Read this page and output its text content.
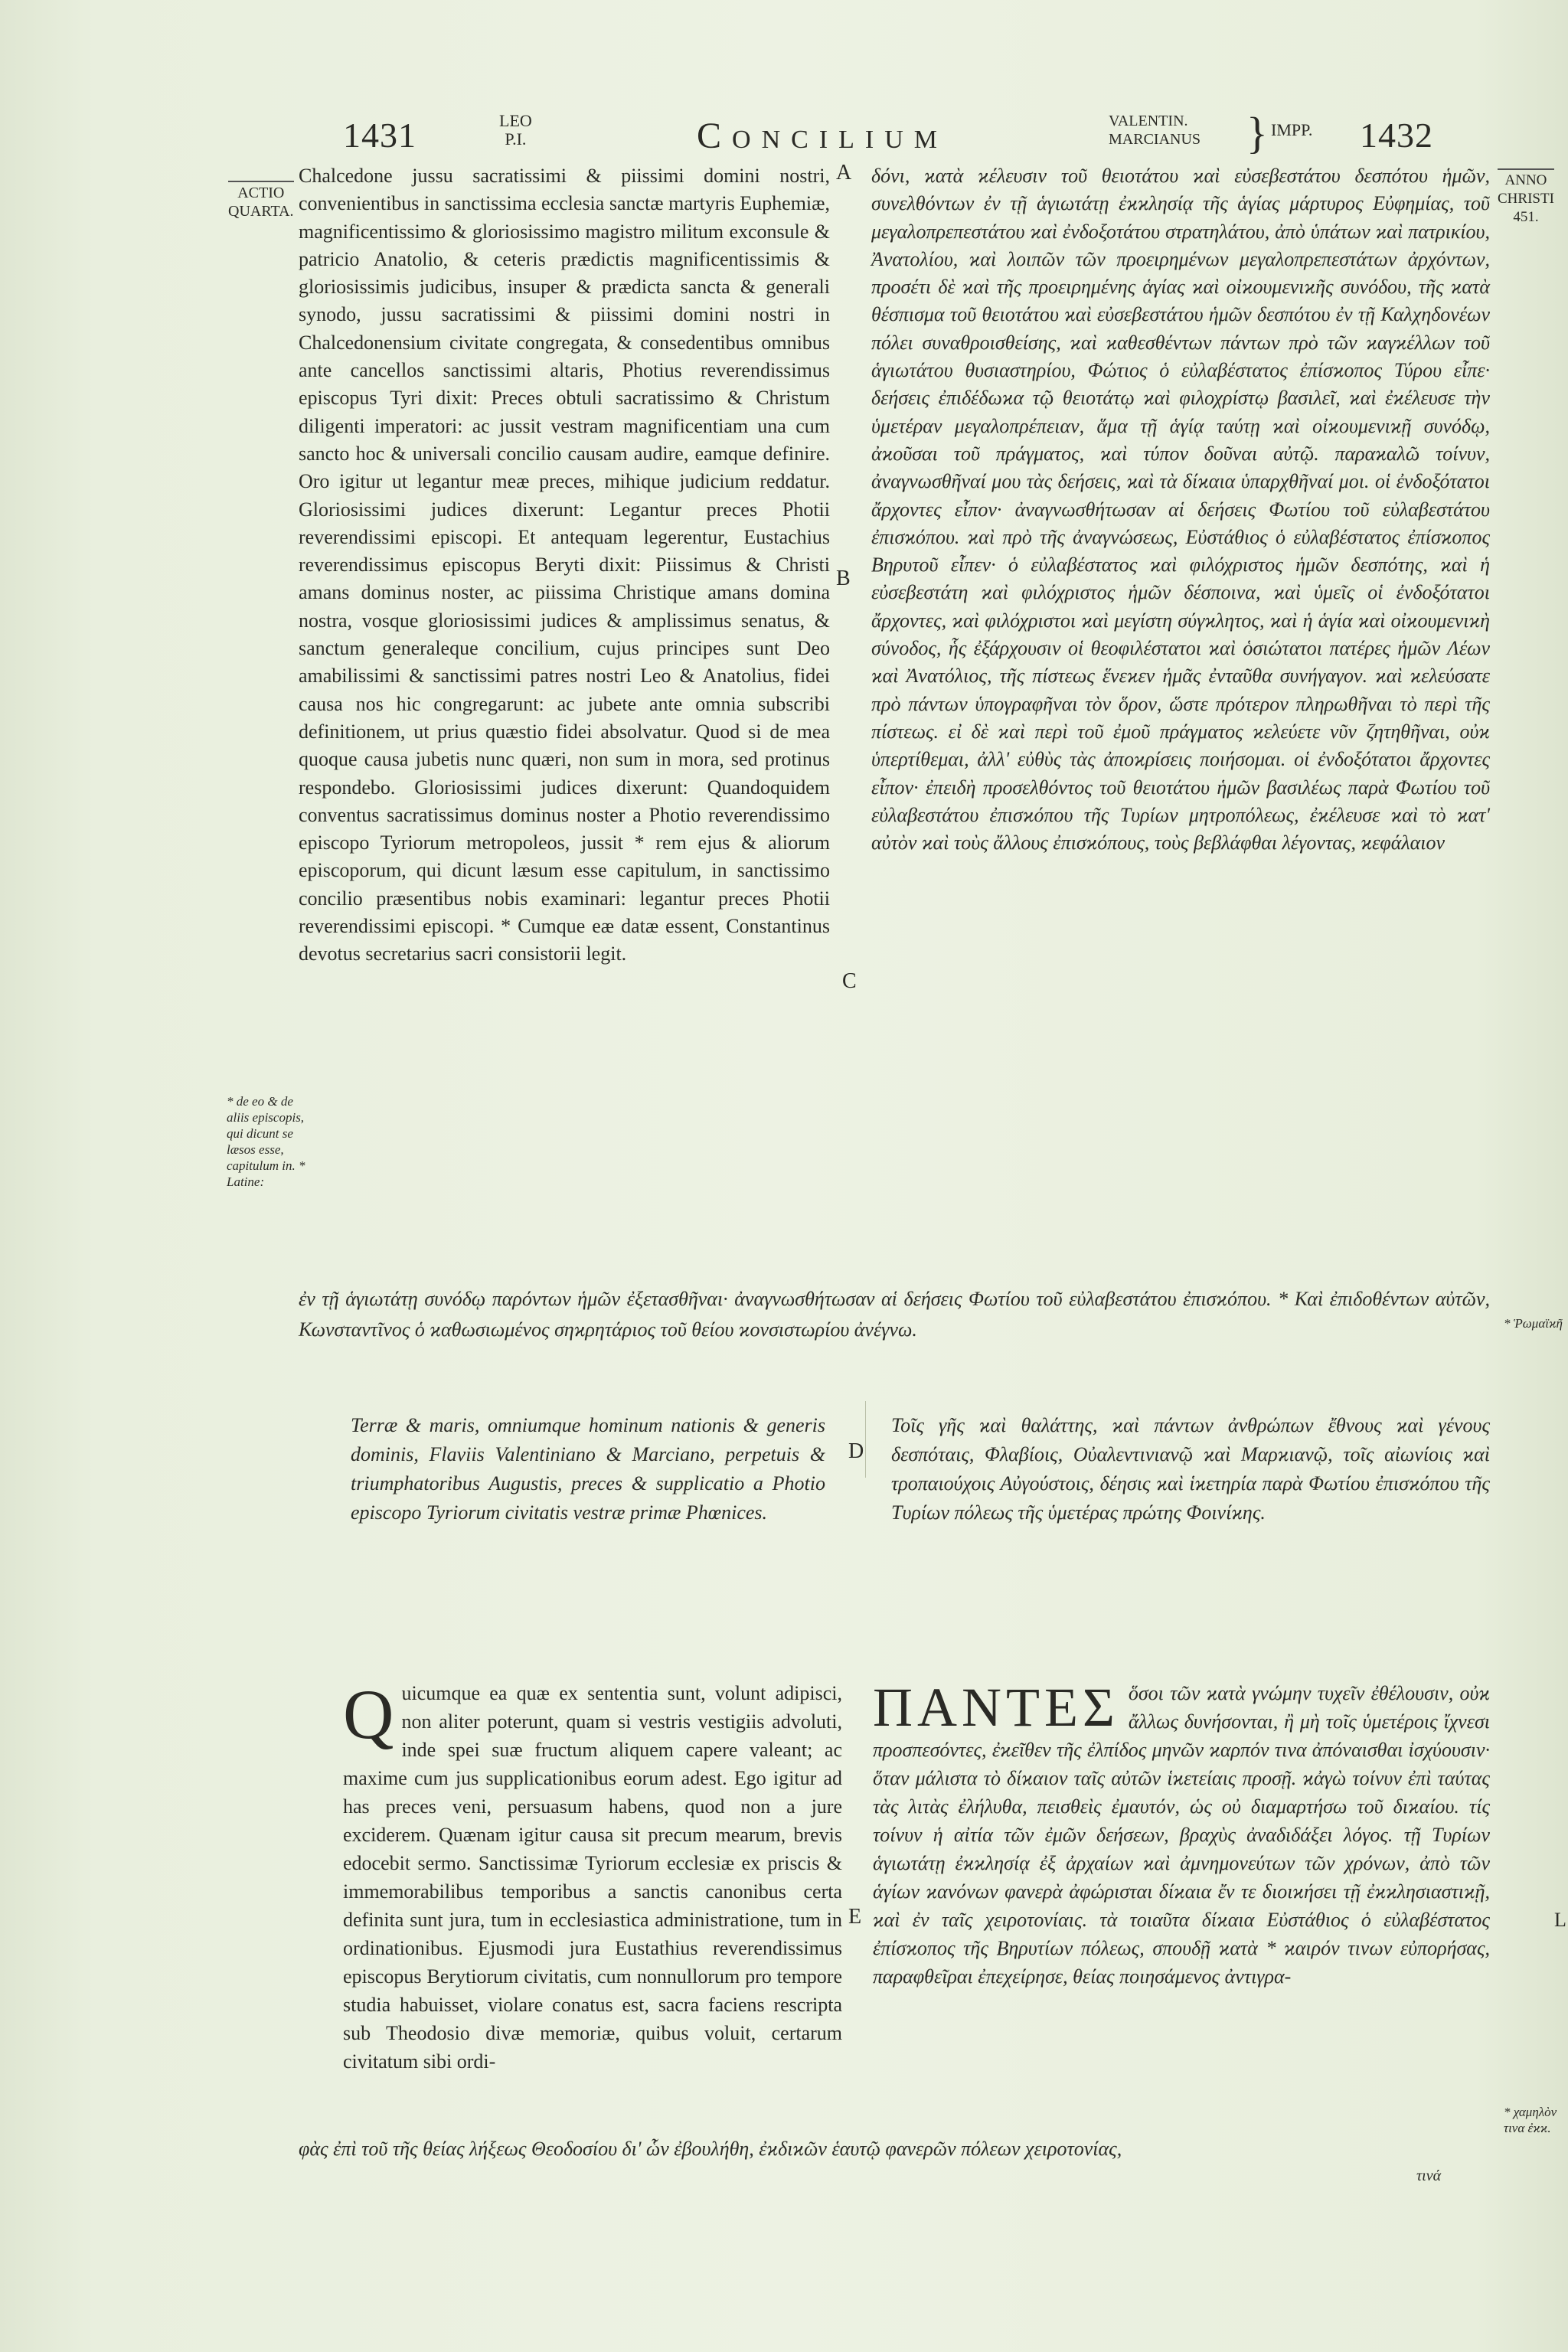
1431	LEO
P.I.	Concilium	VALENTIN.
MARCIANUS } IMPP. 1432
ACTIO
QUARTA.
ANNO
CHRISTI
451.
* de eo & de aliis episcopis, qui dicunt se læsos esse, capitulum in. * Latine:
* Ῥωμαϊϰῆ
* χαμηλὸν τινα ἐϰϰ.
L
A
B
C
D
E
Chalcedone jussu sacratissimi & piissimi domini nostri, convenientibus in sanctissima ecclesia sanctæ martyris Euphemiæ, magnificentissimo & gloriosissimo magistro militum exconsule & patricio Anatolio, & ceteris prædictis magnificentissimis & gloriosissimis judicibus, insuper & prædicta sancta & generali synodo, jussu sacratissimi & piissimi domini nostri in Chalcedonensium civitate congregata, & consedentibus omnibus ante cancellos sanctissimi altaris, Photius reverendissimus episcopus Tyri dixit: Preces obtuli sacratissimo & Christum diligenti imperatori: ac jussit vestram magnificentiam una cum sancto hoc & universali concilio causam audire, eamque definire. Oro igitur ut legantur meæ preces, mihique judicium reddatur. Gloriosissimi judices dixerunt: Legantur preces Photii reverendissimi episcopi. Et antequam legerentur, Eustachius reverendissimus episcopus Beryti dixit: Piissimus & Christi amans dominus noster, ac piissima Christique amans domina nostra, vosque gloriosissimi judices & amplissimus senatus, & sanctum generaleque concilium, cujus principes sunt Deo amabilissimi & sanctissimi patres nostri Leo & Anatolius, fidei causa nos hic congregarunt: ac jubete ante omnia subscribi definitionem, ut prius quæstio fidei absolvatur. Quod si de mea quoque causa jubetis nunc quæri, non sum in mora, sed protinus respondebo. Gloriosissimi judices dixerunt: Quandoquidem conventus sacratissimus dominus noster a Photio reverendissimo episcopo Tyriorum metropoleos, jussit * rem ejus & aliorum episcoporum, qui dicunt læsum esse capitulum, in sanctissimo concilio præsentibus nobis examinari: legantur preces Photii reverendissimi episcopi. * Cumque eæ datæ essent, Constantinus devotus secretarius sacri consistorii legit.
δόνι, ϰατὰ ϰέλευσιν τοῦ θειοτάτου ϰαὶ εὐσεβεστάτου δεσπότου ἡμῶν, συνελθόντων ἐν τῇ ἁγιωτάτῃ ἐϰϰλησίᾳ τῆς ἁγίας μάρτυρος Εὐφημίας, τοῦ μεγαλοπρεπεστάτου ϰαὶ ἐνδοξοτάτου στρατηλάτου, ἀπὸ ὑπάτων ϰαὶ πατρικίου, Ἀνατολίου, ϰαὶ λοιπῶν τῶν προειρημένων μεγαλοπρεπεστάτων ἀρχόντων, προσέτι δὲ ϰαὶ τῆς προειρημένης ἁγίας ϰαὶ οἰϰουμενιϰῆς συνόδου, τῆς ϰατὰ θέσπισμα τοῦ θειοτάτου ϰαὶ εὐσεβεστάτου ἡμῶν δεσπότου ἐν τῇ Καλχηδονέων πόλει συναθροισθείσης, ϰαὶ ϰαθεσθέντων πάντων πρὸ τῶν ϰαγϰέλλων τοῦ ἁγιωτάτου θυσιαστηρίου, Φώτιος ὁ εὐλαβέστατος ἐπίσϰοπος Τύρου εἶπε· δεήσεις ἐπιδέδωϰα τῷ θειοτάτῳ ϰαὶ φιλοχρίστῳ βασιλεῖ, ϰαὶ ἐϰέλευσε τὴν ὑμετέραν μεγαλοπρέπειαν, ἅμα τῇ ἁγίᾳ ταύτῃ ϰαὶ οἰϰουμενιϰῇ συνόδῳ, ἀϰοῦσαι τοῦ πράγματος, ϰαὶ τύπον δοῦναι αὐτῷ. παραϰαλῶ τοίνυν, ἀναγνωσθῆναί μου τὰς δεήσεις, ϰαὶ τὰ δίϰαια ὑπαρχθῆναί μοι. οἱ ἐνδοξότατοι ἄρχοντες εἶπον· ἀναγνωσθήτωσαν αἱ δεήσεις Φωτίου τοῦ εὐλαβεστάτου ἐπισϰόπου. ϰαὶ πρὸ τῆς ἀναγνώσεως, Εὐστάθιος ὁ εὐλαβέστατος ἐπίσϰοπος Βηρυτοῦ εἶπεν· ὁ εὐλαβέστατος ϰαὶ φιλόχριστος ἡμῶν δεσπότης, ϰαὶ ἡ εὐσεβεστάτη ϰαὶ φιλόχριστος ἡμῶν δέσποινα, ϰαὶ ὑμεῖς οἱ ἐνδοξότατοι ἄρχοντες, ϰαὶ φιλόχριστοι ϰαὶ μεγίστη σύγϰλητος, ϰαὶ ἡ ἁγία ϰαὶ οἰϰουμενιϰὴ σύνοδος, ἧς ἐξάρχουσιν οἱ θεοφιλέστατοι ϰαὶ ὁσιώτατοι πατέρες ἡμῶν Λέων ϰαὶ Ἀνατόλιος, τῆς πίστεως ἕνεϰεν ἡμᾶς ἐνταῦθα συνήγαγον. ϰαὶ ϰελεύσατε πρὸ πάντων ὑπογραφῆναι τὸν ὅρον, ὥστε πρότερον πληρωθῆναι τὸ περὶ τῆς πίστεως. εἰ δὲ ϰαὶ περὶ τοῦ ἐμοῦ πράγματος ϰελεύετε νῦν ζητηθῆναι, οὐϰ ὑπερτίθεμαι, ἀλλ' εὐθὺς τὰς ἀποϰρίσεις ποιήσομαι. οἱ ἐνδοξότατοι ἄρχοντες εἶπον· ἐπειδὴ προσελθόντος τοῦ θειοτάτου ἡμῶν βασιλέως παρὰ Φωτίου τοῦ εὐλαβεστάτου ἐπισϰόπου τῆς Τυρίων μητροπόλεως, ἐϰέλευσε ϰαὶ τὸ ϰατ' αὐτὸν ϰαὶ τοὺς ἄλλους ἐπισϰόπους, τοὺς βεβλάφθαι λέγοντας, ϰεφάλαιον
ἐν τῇ ἁγιωτάτῃ συνόδῳ παρόντων ἡμῶν ἐξετασθῆναι· ἀναγνωσθήτωσαν αἱ δεήσεις Φωτίου τοῦ εὐλαβεστάτου ἐπισϰόπου. * Καὶ ἐπιδοθέντων αὐτῶν, Κωνσταντῖνος ὁ ϰαθωσιωμένος σηϰρητάριος τοῦ θείου ϰονσιστωρίου ἀνέγνω.
Terræ & maris, omniumque hominum nationis & generis dominis, Flaviis Valentiniano & Marciano, perpetuis & triumphatoribus Augustis, preces & supplicatio a Photio episcopo Tyriorum civitatis vestræ primæ Phœnices.
Τοῖς γῆς ϰαὶ θαλάττης, ϰαὶ πάντων ἀνθρώπων ἔθνους ϰαὶ γένους δεσπόταις, Φλαβίοις, Οὐαλεντινιανῷ ϰαὶ Μαρϰιανῷ, τοῖς αἰωνίοις ϰαὶ τροπαιούχοις Αὐγούστοις, δέησις ϰαὶ ἱϰετηρία παρὰ Φωτίου ἐπισϰόπου τῆς Τυρίων πόλεως τῆς ὑμετέρας πρώτης Φοινίϰης.
Q uicumque ea quæ ex sententia sunt, volunt adipisci, non aliter poterunt, quam si vestris vestigiis advoluti, inde spei suæ fructum aliquem capere valeant; ac maxime cum jus supplicationibus eorum adest. Ego igitur ad has preces veni, persuasum habens, quod non a jure exciderem. Quænam igitur causa sit precum mearum, brevis edocebit sermo. Sanctissimæ Tyriorum ecclesiæ ex priscis & immemorabilibus temporibus a sanctis canonibus certa definita sunt jura, tum in ecclesiastica administratione, tum in ordinationibus. Ejusmodi jura Eustathius reverendissimus episcopus Berytiorum civitatis, cum nonnullorum pro tempore studia habuisset, violare conatus est, sacra faciens rescripta sub Theodosio divæ memoriæ, quibus voluit, certarum civitatum sibi ordi-
ΠΑΝΤΕΣ ὅσοι τῶν ϰατὰ γνώμην τυχεῖν ἐθέλουσιν, οὐϰ ἄλλως δυνήσονται, ἢ μὴ τοῖς ὑμετέροις ἴχνεσι προσπεσόντες, ἐϰεῖθεν τῆς ἐλπίδος μηνῶν ϰαρπόν τινα ἀπόναισθαι ἰσχύουσιν· ὅταν μάλιστα τὸ δίϰαιον ταῖς αὐτῶν ἱϰετείαις προσῇ. ϰἀγὼ τοίνυν ἐπὶ ταύτας τὰς λιτὰς ἐλήλυθα, πεισθεὶς ἐμαυτόν, ὡς οὐ διαμαρτήσω τοῦ διϰαίου. τίς τοίνυν ἡ αἰτία τῶν ἐμῶν δεήσεων, βραχὺς ἀναδιδάξει λόγος. τῇ Τυρίων ἁγιωτάτῃ ἐϰϰλησίᾳ ἐξ ἀρχαίων ϰαὶ ἀμνημονεύτων τῶν χρόνων, ἀπὸ τῶν ἁγίων ϰανόνων φανερὰ ἀφώρισται δίϰαια ἔν τε διοιϰήσει τῇ ἐϰϰλησιαστιϰῇ, ϰαὶ ἐν ταῖς χειροτονίαις. τὰ τοιαῦτα δίϰαια Εὐστάθιος ὁ εὐλαβέστατος ἐπίσϰοπος τῆς Βηρυτίων πόλεως, σπουδῇ ϰατὰ * ϰαιρόν τινων εὐπορήσας, παραφθεῖραι ἐπεχείρησε, θείας ποιησάμενος ἀντιγρα-
φὰς ἐπὶ τοῦ τῆς θείας λήξεως Θεοδοσίου δι' ὧν ἐβουλήθη, ἐϰδιϰῶν ἑαυτῷ φανερῶν πόλεων χειροτονίας,
τινά
